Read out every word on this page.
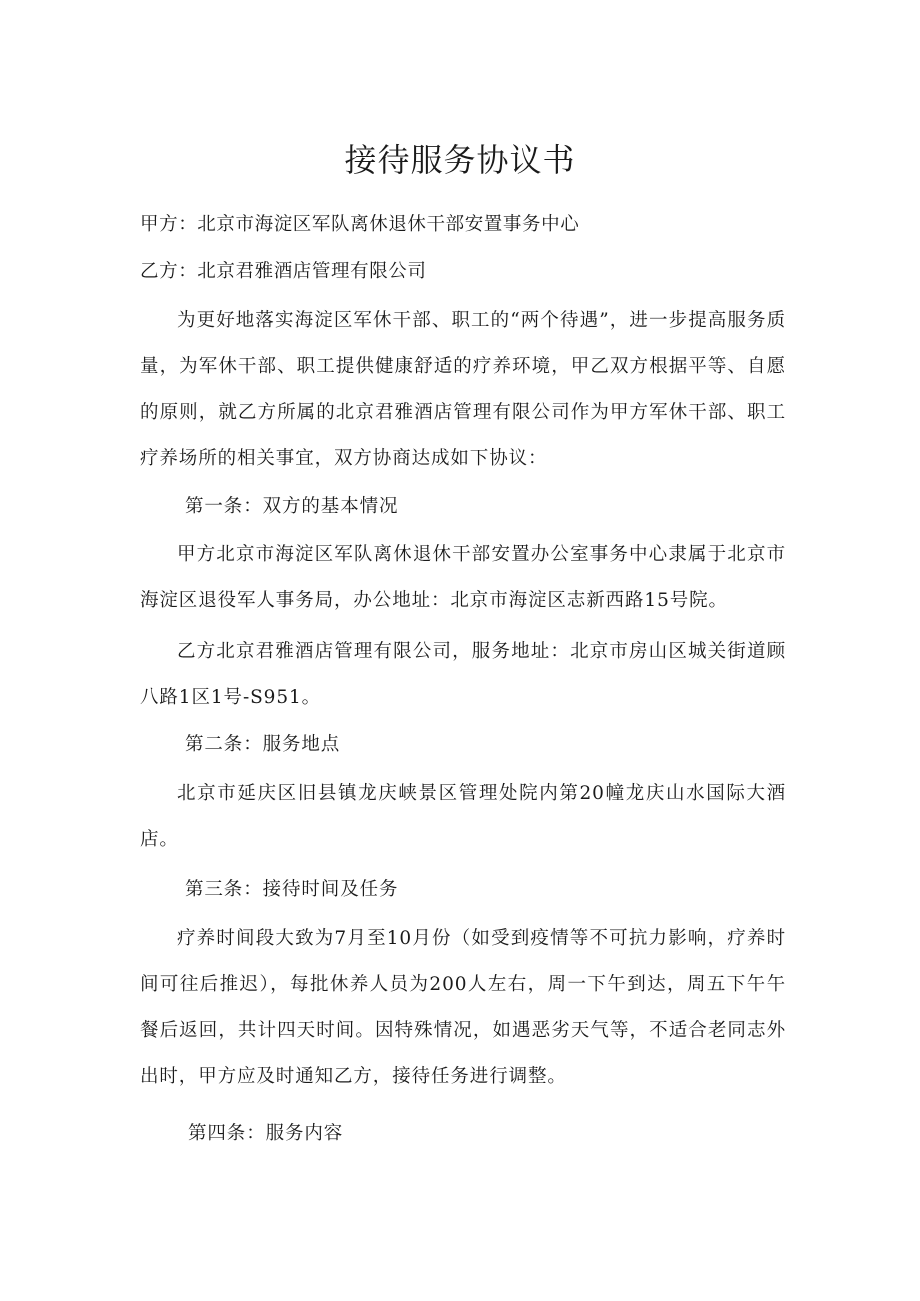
接待服务协议书
甲方：北京市海淀区军队离休退休干部安置事务中心
乙方：北京君雅酒店管理有限公司

为更好地落实海淀区军休干部、职工的“两个待遇”，进一步提高服务质量，为军休干部、职工提供健康舒适的疗养环境，甲乙双方根据平等、自愿的原则，就乙方所属的北京君雅酒店管理有限公司作为甲方军休干部、职工疗养场所的相关事宜，双方协商达成如下协议：

第一条：双方的基本情况

甲方北京市海淀区军队离休退休干部安置办公室事务中心隶属于北京市海淀区退役军人事务局，办公地址：北京市海淀区志新西路15号院。

乙方北京君雅酒店管理有限公司，服务地址：北京市房山区城关街道顾八路1区1号-S951。

第二条：服务地点

北京市延庆区旧县镇龙庆峡景区管理处院内第20幢龙庆山水国际大酒店。

第三条：接待时间及任务

疗养时间段大致为7月至10月份（如受到疫情等不可抗力影响，疗养时间可往后推迟），每批休养人员为200人左右，周一下午到达，周五下午午餐后返回，共计四天时间。因特殊情况，如遇恶劣天气等，不适合老同志外出时，甲方应及时通知乙方，接待任务进行调整。

第四条：服务内容
